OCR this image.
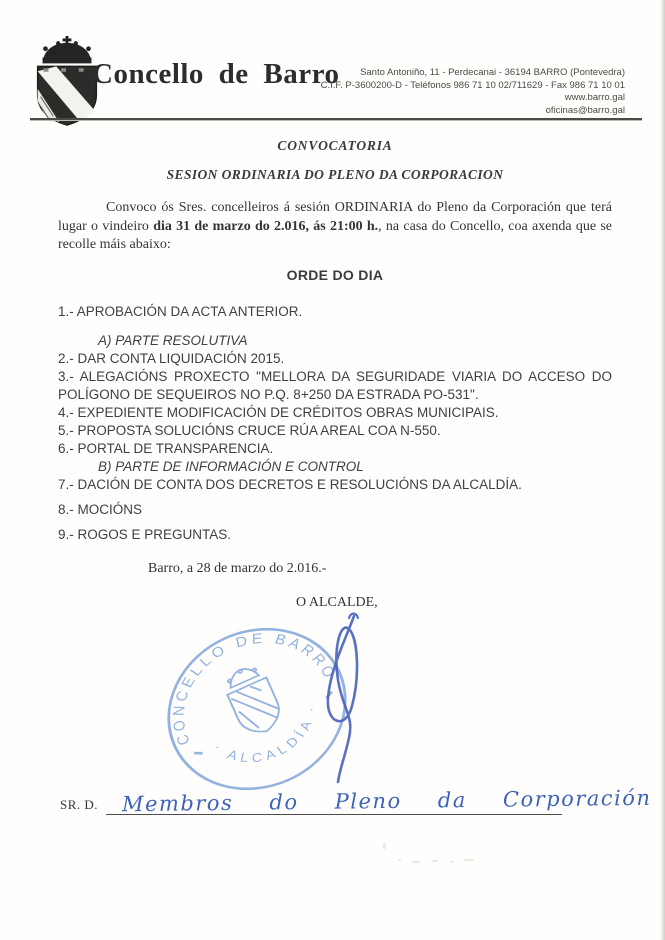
Concello de Barro	Santo Antoniño, 11 - Perdecanai - 36194 BARRO (Pontevedra)
C.I.F. P-3600200-D - Teléfonos 986 71 10 02/711629 - Fax 986 71 10 01
www.barro.gal
oficinas@barro.gal
CONVOCATORIA
SESION ORDINARIA DO PLENO DA CORPORACION

Convoco ós Sres. concelleiros á sesión ORDINARIA do Pleno da Corporación que terá lugar o vindeiro dia 31 de marzo do 2.016, ás 21:00 h., na casa do Concello, coa axenda que se recolle máis abaixo:

ORDE DO DIA

1.- APROBACIÓN DA ACTA ANTERIOR.

A) PARTE RESOLUTIVA

2.- DAR CONTA LIQUIDACIÓN 2015.

3.- ALEGACIÓNS PROXECTO "MELLORA DA SEGURIDADE VIARIA DO ACCESO DO POLÍGONO DE SEQUEIROS NO P.Q. 8+250 DA ESTRADA PO-531".

4.- EXPEDIENTE MODIFICACIÓN DE CRÉDITOS OBRAS MUNICIPAIS.

5.- PROPOSTA SOLUCIÓNS CRUCE RÚA AREAL COA N-550.

6.- PORTAL DE TRANSPARENCIA.

B) PARTE DE INFORMACIÓN E CONTROL

7.- DACIÓN DE CONTA DOS DECRETOS E RESOLUCIÓNS DA ALCALDÍA.

8.- MOCIÓNS

9.- ROGOS E PREGUNTAS.

Barro, a 28 de marzo do 2.016.-

O ALCALDE,

CONCELLO DE BARRO
· ALCALDÍA ·
SR. D. Membros do Pleno da Corporación
